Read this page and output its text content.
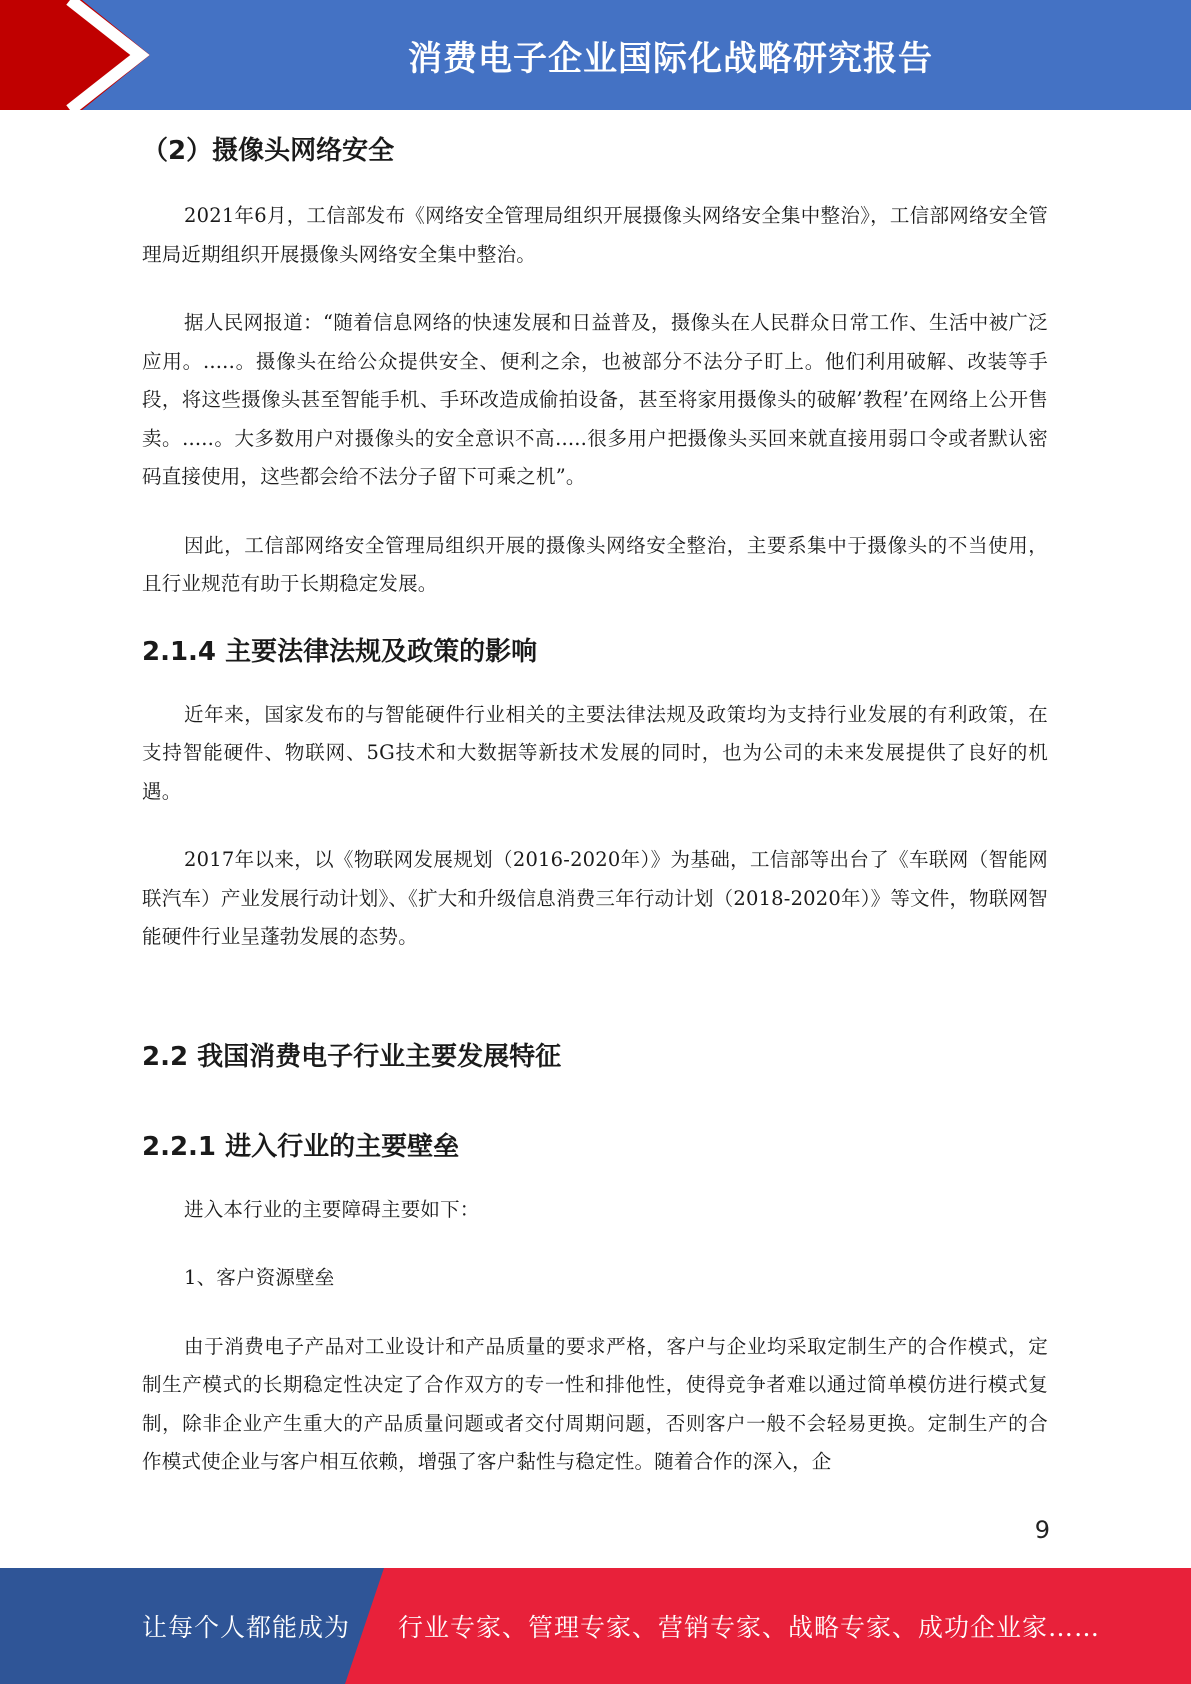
消费电子企业国际化战略研究报告
（2）摄像头网络安全

2021年6月，工信部发布《网络安全管理局组织开展摄像头网络安全集中整治》，工信部网络安全管理局近期组织开展摄像头网络安全集中整治。

据人民网报道：“随着信息网络的快速发展和日益普及，摄像头在人民群众日常工作、生活中被广泛应用。.....。摄像头在给公众提供安全、便利之余，也被部分不法分子盯上。他们利用破解、改装等手段，将这些摄像头甚至智能手机、手环改造成偷拍设备，甚至将家用摄像头的破解’教程’在网络上公开售卖。.....。大多数用户对摄像头的安全意识不高.....很多用户把摄像头买回来就直接用弱口令或者默认密码直接使用，这些都会给不法分子留下可乘之机”。

因此，工信部网络安全管理局组织开展的摄像头网络安全整治，主要系集中于摄像头的不当使用，且行业规范有助于长期稳定发展。

2.1.4 主要法律法规及政策的影响

近年来，国家发布的与智能硬件行业相关的主要法律法规及政策均为支持行业发展的有利政策，在支持智能硬件、物联网、5G技术和大数据等新技术发展的同时，也为公司的未来发展提供了良好的机遇。

2017年以来，以《物联网发展规划（2016-2020年）》为基础，工信部等出台了《车联网（智能网联汽车）产业发展行动计划》、《扩大和升级信息消费三年行动计划（2018-2020年）》等文件，物联网智能硬件行业呈蓬勃发展的态势。

2.2 我国消费电子行业主要发展特征
2.2.1 进入行业的主要壁垒

进入本行业的主要障碍主要如下：

1、客户资源壁垒

由于消费电子产品对工业设计和产品质量的要求严格，客户与企业均采取定制生产的合作模式，定制生产模式的长期稳定性决定了合作双方的专一性和排他性，使得竞争者难以通过简单模仿进行模式复制，除非企业产生重大的产品质量问题或者交付周期问题，否则客户一般不会轻易更换。定制生产的合作模式使企业与客户相互依赖，增强了客户黏性与稳定性。随着合作的深入，企

9
让每个人都能成为 行业专家、管理专家、营销专家、战略专家、成功企业家……
